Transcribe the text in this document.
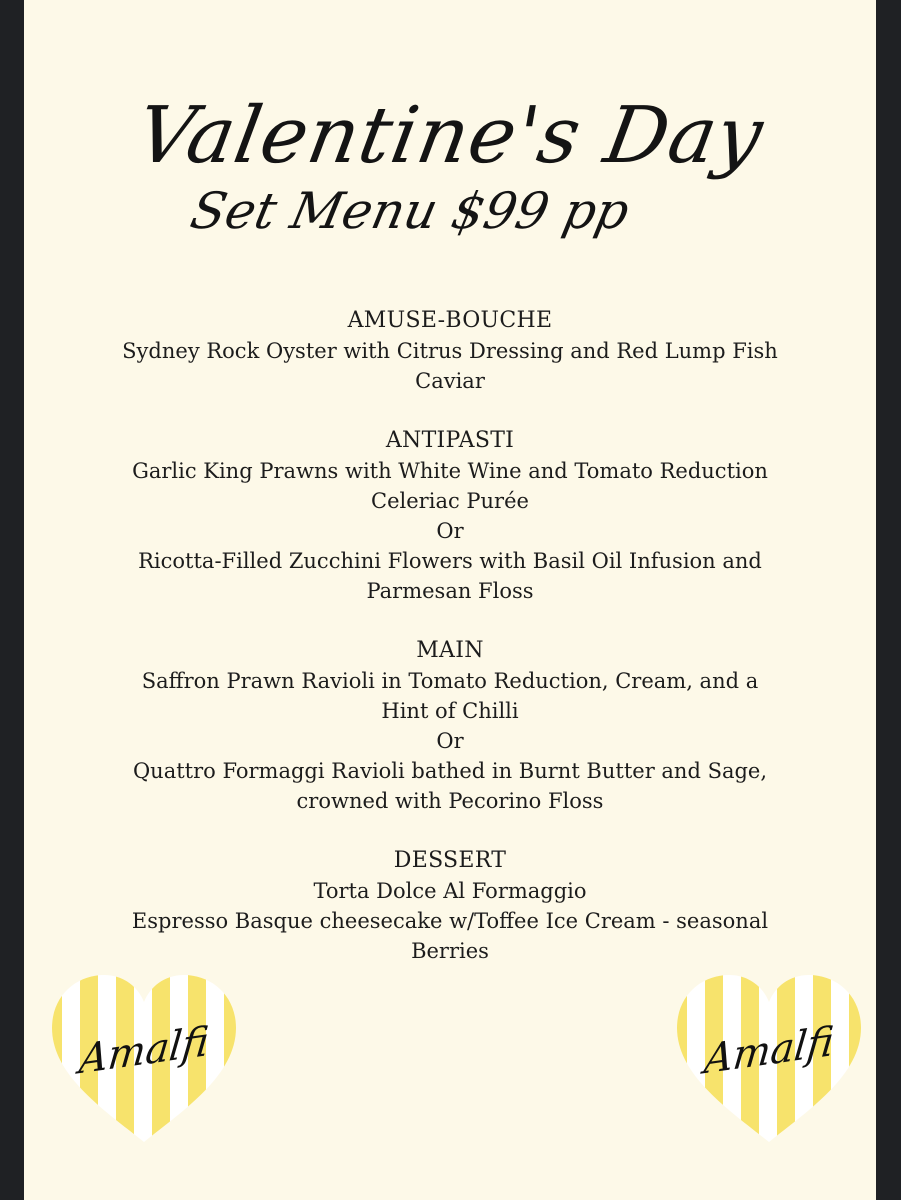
Valentine's Day
Set Menu $99 pp
AMUSE-BOUCHE
Sydney Rock Oyster with Citrus Dressing and Red Lump Fish
Caviar
ANTIPASTI
Garlic King Prawns with White Wine and Tomato Reduction
Celeriac Purée
Or
Ricotta-Filled Zucchini Flowers with Basil Oil Infusion and
Parmesan Floss
MAIN
Saffron Prawn Ravioli in Tomato Reduction, Cream, and a
Hint of Chilli
Or
Quattro Formaggi Ravioli bathed in Burnt Butter and Sage,
crowned with Pecorino Floss
DESSERT
Torta Dolce Al Formaggio
Espresso Basque cheesecake w/Toffee Ice Cream - seasonal
Berries
Amalfi	Amalfi
